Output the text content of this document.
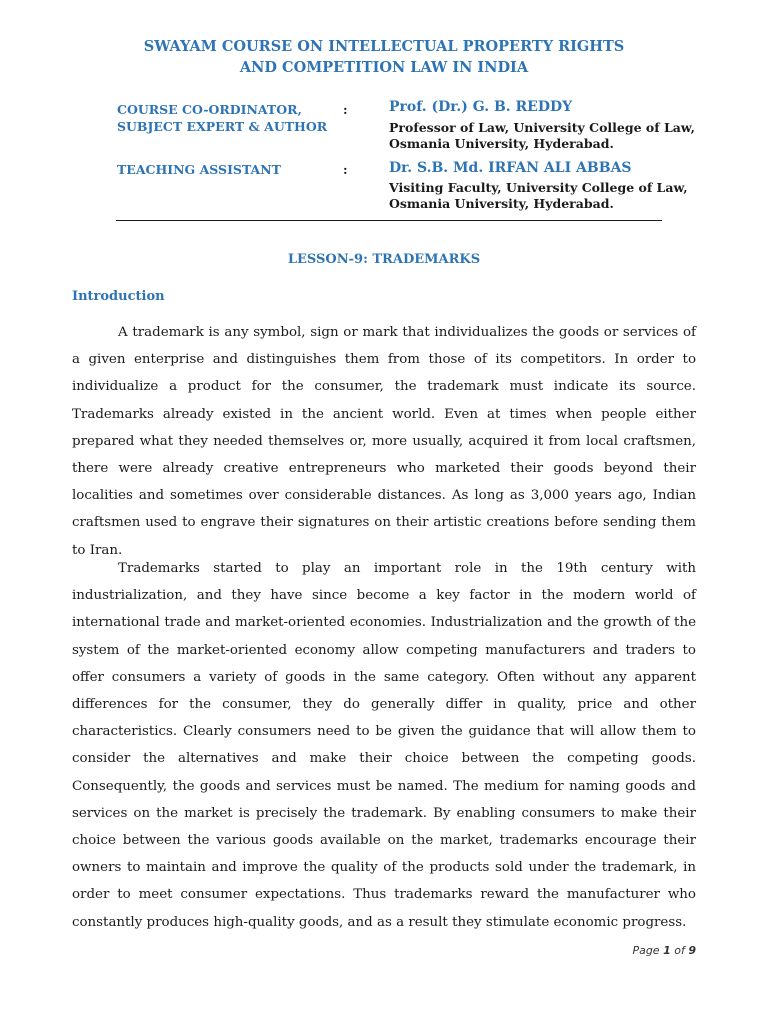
SWAYAM COURSE ON INTELLECTUAL PROPERTY RIGHTS
AND COMPETITION LAW IN INDIA
COURSE CO-ORDINATOR,
SUBJECT EXPERT & AUTHOR
:	Prof. (Dr.) G. B. REDDY
Professor of Law, University College of Law,
Osmania University, Hyderabad.
TEACHING ASSISTANT	:	Dr. S.B. Md. IRFAN ALI ABBAS
Visiting Faculty, University College of Law,
Osmania University, Hyderabad.
LESSON-9: TRADEMARKS
Introduction

A trademark is any symbol, sign or mark that individualizes the goods or services of a given enterprise and distinguishes them from those of its competitors. In order to individualize a product for the consumer, the trademark must indicate its source. Trademarks already existed in the ancient world. Even at times when people either prepared what they needed themselves or, more usually, acquired it from local craftsmen, there were already creative entrepreneurs who marketed their goods beyond their localities and sometimes over considerable distances. As long as 3,000 years ago, Indian craftsmen used to engrave their signatures on their artistic creations before sending them to Iran.

Trademarks started to play an important role in the 19th century with industrialization, and they have since become a key factor in the modern world of international trade and market-oriented economies. Industrialization and the growth of the system of the market-oriented economy allow competing manufacturers and traders to offer consumers a variety of goods in the same category. Often without any apparent differences for the consumer, they do generally differ in quality, price and other characteristics. Clearly consumers need to be given the guidance that will allow them to consider the alternatives and make their choice between the competing goods. Consequently, the goods and services must be named. The medium for naming goods and services on the market is precisely the trademark. By enabling consumers to make their choice between the various goods available on the market, trademarks encourage their owners to maintain and improve the quality of the products sold under the trademark, in order to meet consumer expectations. Thus trademarks reward the manufacturer who constantly produces high-quality goods, and as a result they stimulate economic progress.

Page 1 of 9
